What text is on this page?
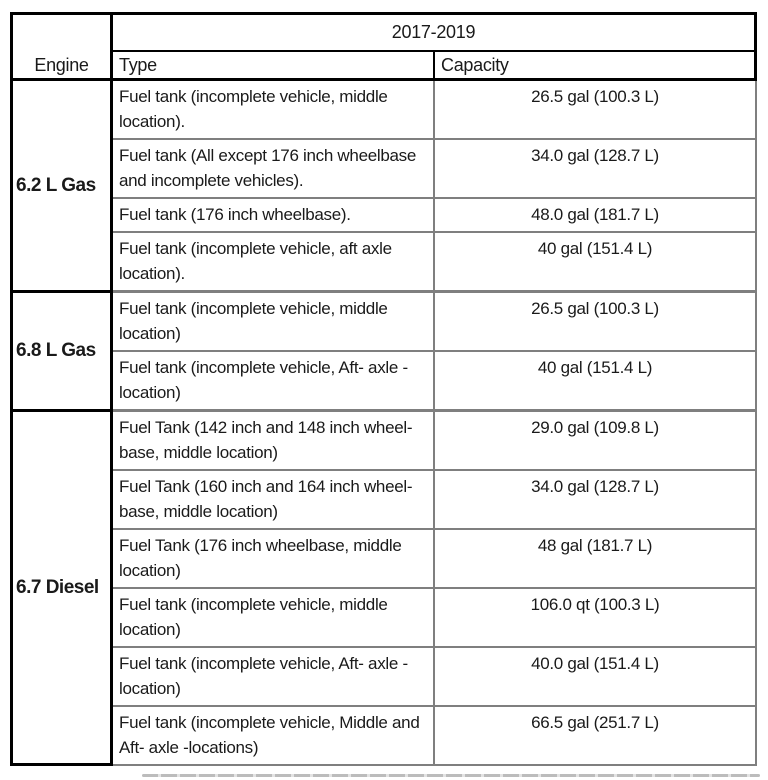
Engine
2017-2019
Type	Capacity
6.2 L Gas
Fuel tank (incomplete vehicle, middle location).
26.5 gal (100.3 L)
Fuel tank (All except 176 inch wheelbase and incomplete vehicles).
34.0 gal (128.7 L)
Fuel tank (176 inch wheelbase).	48.0 gal (181.7 L)
Fuel tank (incomplete vehicle, aft axle location).
40 gal (151.4 L)
6.8 L Gas
Fuel tank (incomplete vehicle, middle location)
26.5 gal (100.3 L)
Fuel tank (incomplete vehicle, Aft- axle - location)
40 gal (151.4 L)
6.7 Diesel
Fuel Tank (142 inch and 148 inch wheel-base, middle location)
29.0 gal (109.8 L)
Fuel Tank (160 inch and 164 inch wheel-base, middle location)
34.0 gal (128.7 L)
Fuel Tank (176 inch wheelbase, middle location)
48 gal (181.7 L)
Fuel tank (incomplete vehicle, middle location)
106.0 qt (100.3 L)
Fuel tank (incomplete vehicle, Aft- axle - location)
40.0 gal (151.4 L)
Fuel tank (incomplete vehicle, Middle and Aft- axle -locations)
66.5 gal (251.7 L)
